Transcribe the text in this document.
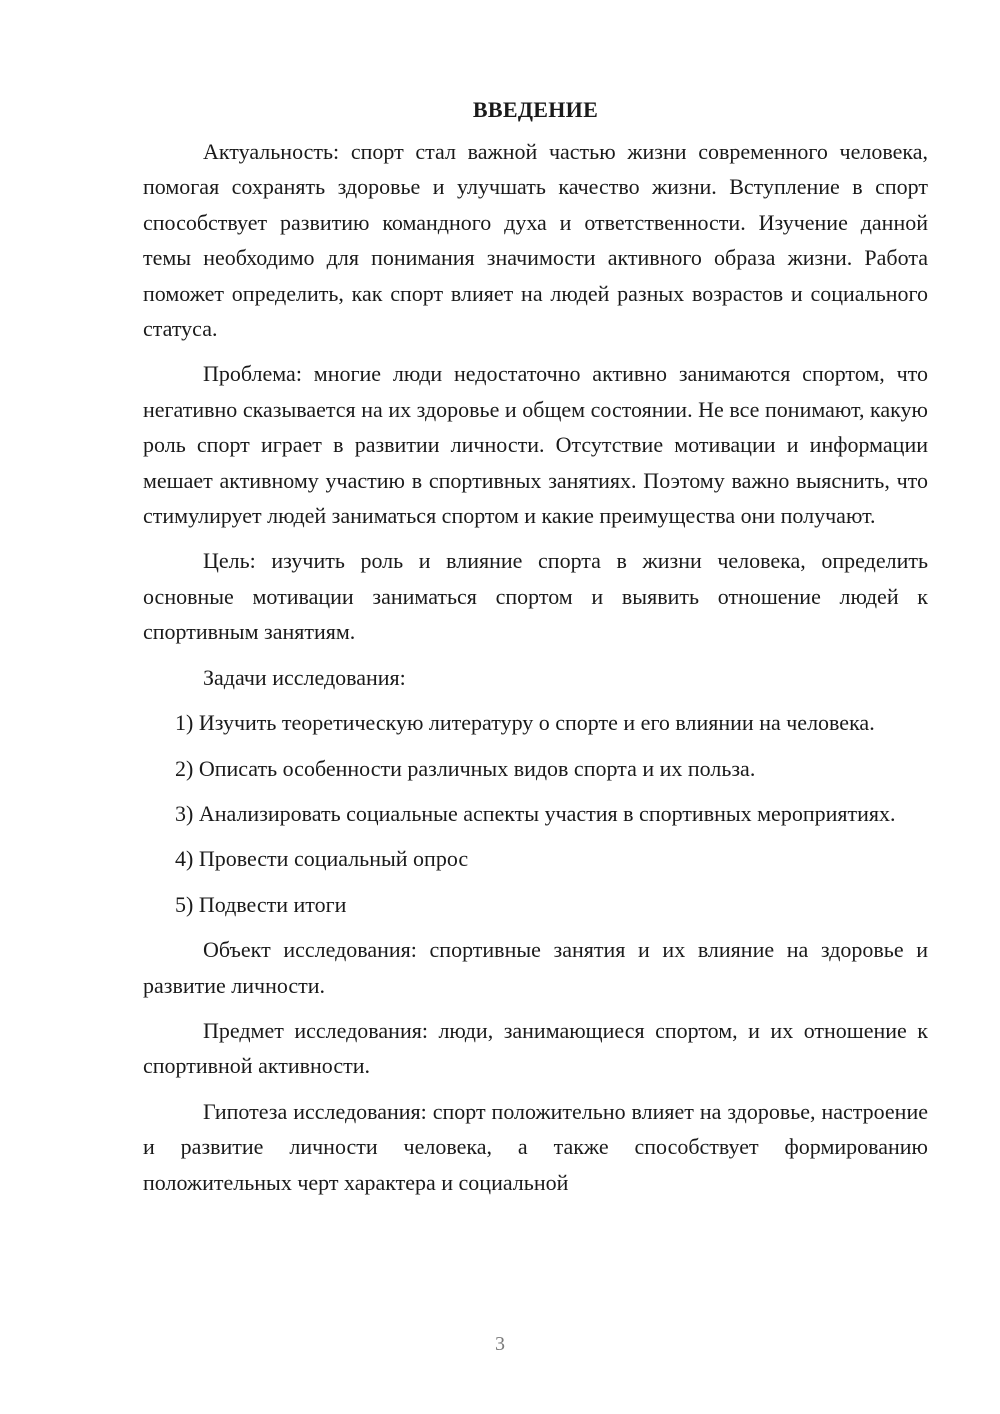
ВВЕДЕНИЕ

Актуальность: спорт стал важной частью жизни современного человека, помогая сохранять здоровье и улучшать качество жизни. Вступление в спорт способствует развитию командного духа и ответственности. Изучение данной темы необходимо для понимания значимости активного образа жизни. Работа поможет определить, как спорт влияет на людей разных возрастов и социального статуса.

Проблема: многие люди недостаточно активно занимаются спортом, что негативно сказывается на их здоровье и общем состоянии. Не все понимают, какую роль спорт играет в развитии личности. Отсутствие мотивации и информации мешает активному участию в спортивных занятиях. Поэтому важно выяснить, что стимулирует людей заниматься спортом и какие преимущества они получают.

Цель: изучить роль и влияние спорта в жизни человека, определить основные мотивации заниматься спортом и выявить отношение людей к спортивным занятиям.

Задачи исследования:

1) Изучить теоретическую литературу о спорте и его влиянии на человека.

2) Описать особенности различных видов спорта и их польза.

3) Анализировать социальные аспекты участия в спортивных мероприятиях.

4) Провести социальный опрос

5) Подвести итоги

Объект исследования: спортивные занятия и их влияние на здоровье и развитие личности.

Предмет исследования: люди, занимающиеся спортом, и их отношение к спортивной активности.

Гипотеза исследования: спорт положительно влияет на здоровье, настроение и развитие личности человека, а также способствует формированию положительных черт характера и социальной

3
